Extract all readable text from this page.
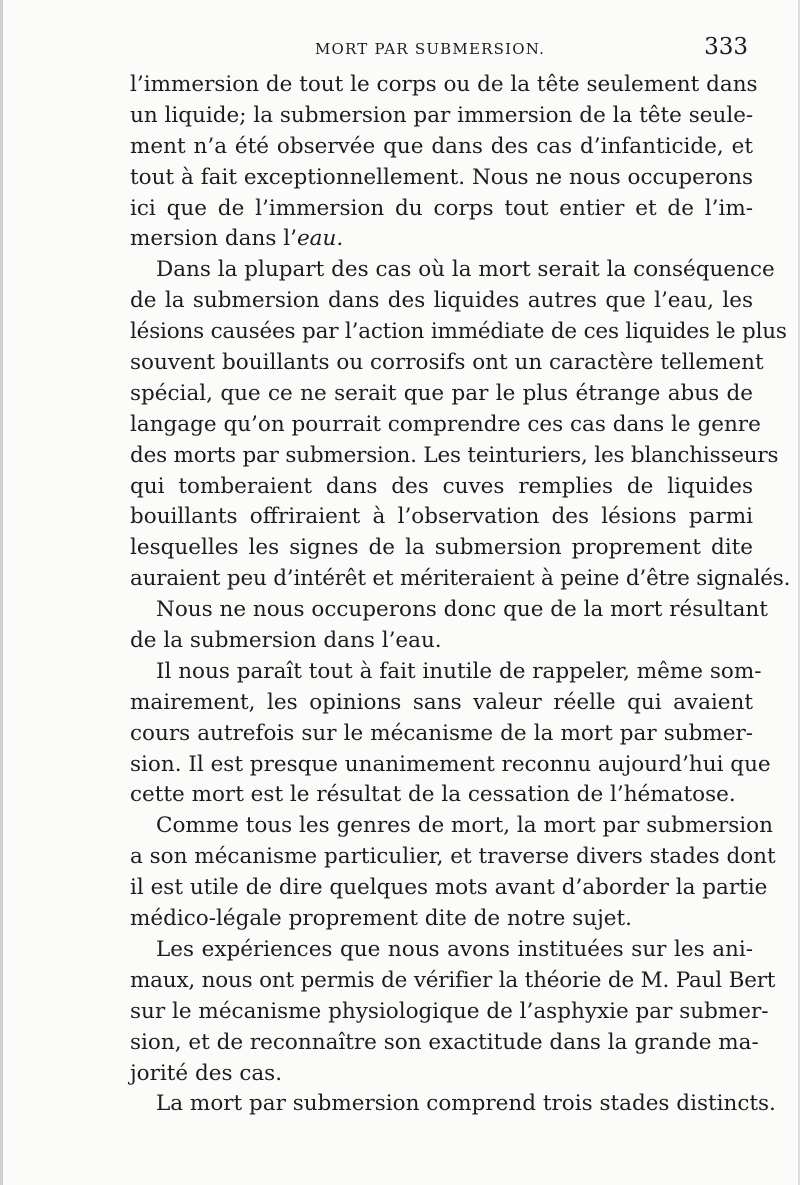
MORT PAR SUBMERSION.	333
l’immersion de tout le corps ou de la tête seulement dans
un liquide; la submersion par immersion de la tête seule-
ment n’a été observée que dans des cas d’infanticide, et
tout à fait exceptionnellement. Nous ne nous occuperons
ici que de l’immersion du corps tout entier et de l’im-
mersion dans l’eau.
Dans la plupart des cas où la mort serait la conséquence
de la submersion dans des liquides autres que l’eau, les
lésions causées par l’action immédiate de ces liquides le plus
souvent bouillants ou corrosifs ont un caractère tellement
spécial, que ce ne serait que par le plus étrange abus de
langage qu’on pourrait comprendre ces cas dans le genre
des morts par submersion. Les teinturiers, les blanchisseurs
qui tomberaient dans des cuves remplies de liquides
bouillants offriraient à l’observation des lésions parmi
lesquelles les signes de la submersion proprement dite
auraient peu d’intérêt et mériteraient à peine d’être signalés.
Nous ne nous occuperons donc que de la mort résultant
de la submersion dans l’eau.
Il nous paraît tout à fait inutile de rappeler, même som-
mairement, les opinions sans valeur réelle qui avaient
cours autrefois sur le mécanisme de la mort par submer-
sion. Il est presque unanimement reconnu aujourd’hui que
cette mort est le résultat de la cessation de l’hématose.
Comme tous les genres de mort, la mort par submersion
a son mécanisme particulier, et traverse divers stades dont
il est utile de dire quelques mots avant d’aborder la partie
médico-légale proprement dite de notre sujet.
Les expériences que nous avons instituées sur les ani-
maux, nous ont permis de vérifier la théorie de M. Paul Bert
sur le mécanisme physiologique de l’asphyxie par submer-
sion, et de reconnaître son exactitude dans la grande ma-
jorité des cas.
La mort par submersion comprend trois stades distincts.
